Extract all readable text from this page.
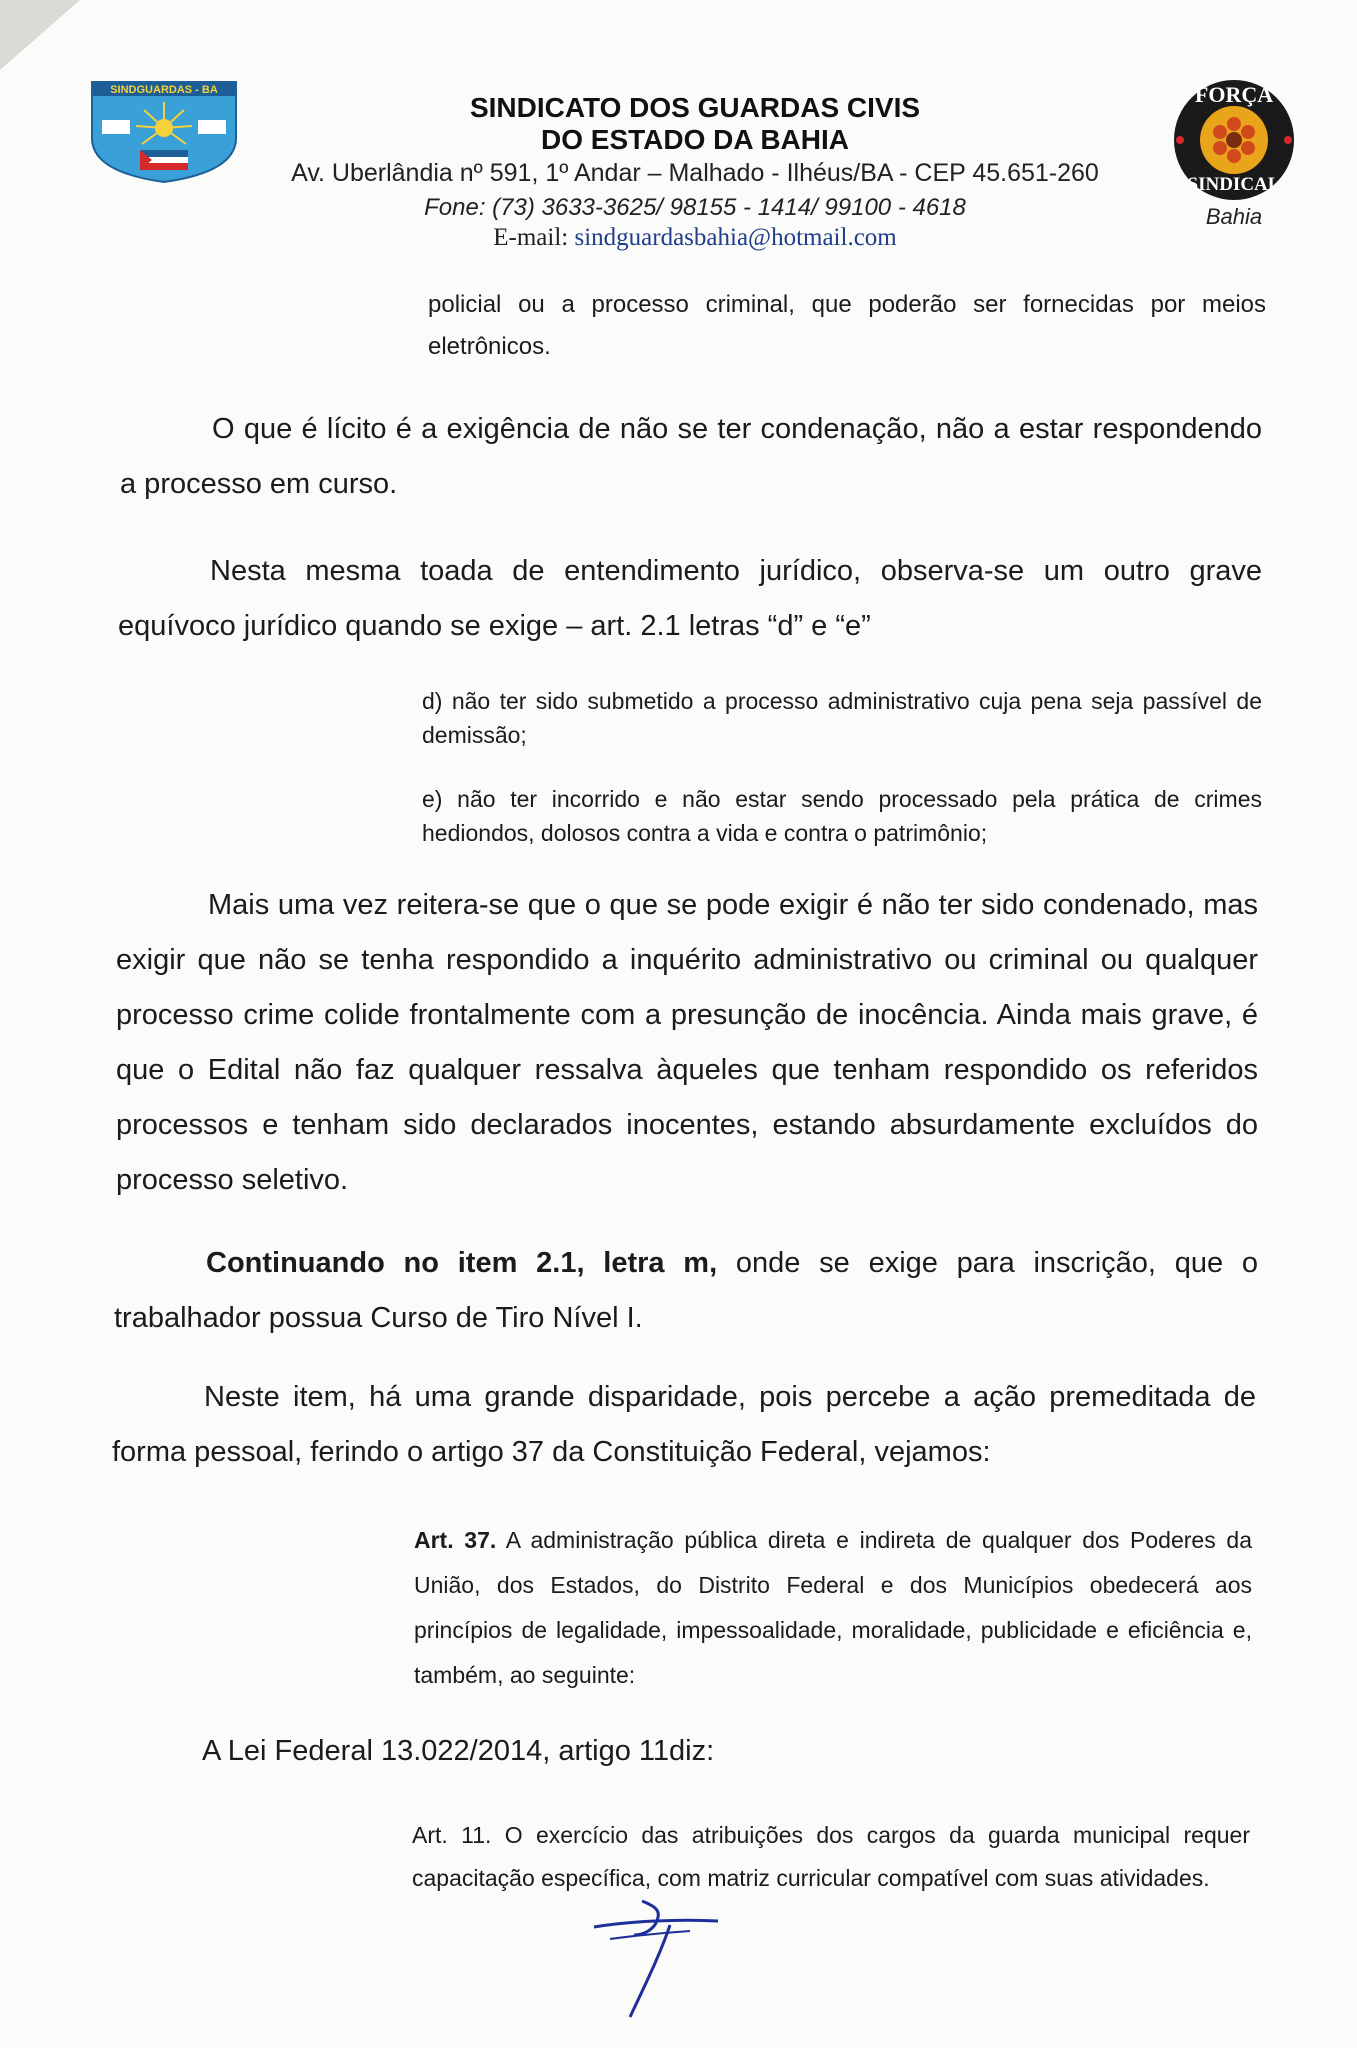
SINDGUARDAS - BA
SINDICATO DOS GUARDAS CIVIS
DO ESTADO DA BAHIA
Av. Uberlândia nº 591, 1º Andar – Malhado - Ilhéus/BA - CEP 45.651-260
Fone: (73) 3633-3625/ 98155 - 1414/ 99100 - 4618
E-mail: sindguardasbahia@hotmail.com
FORÇA
SINDICAL
Bahia
policial ou a processo criminal, que poderão ser fornecidas por meios eletrônicos.
O que é lícito é a exigência de não se ter condenação, não a estar respondendo a processo em curso.
Nesta mesma toada de entendimento jurídico, observa-se um outro grave equívoco jurídico quando se exige – art. 2.1 letras “d” e “e”
d) não ter sido submetido a processo administrativo cuja pena seja passível de demissão;
e) não ter incorrido e não estar sendo processado pela prática de crimes hediondos, dolosos contra a vida e contra o patrimônio;
Mais uma vez reitera-se que o que se pode exigir é não ter sido condenado, mas exigir que não se tenha respondido a inquérito administrativo ou criminal ou qualquer processo crime colide frontalmente com a presunção de inocência. Ainda mais grave, é que o Edital não faz qualquer ressalva àqueles que tenham respondido os referidos processos e tenham sido declarados inocentes, estando absurdamente excluídos do processo seletivo.
Continuando no item 2.1, letra m, onde se exige para inscrição, que o trabalhador possua Curso de Tiro Nível I.
Neste item, há uma grande disparidade, pois percebe a ação premeditada de forma pessoal, ferindo o artigo 37 da Constituição Federal, vejamos:
Art. 37. A administração pública direta e indireta de qualquer dos Poderes da União, dos Estados, do Distrito Federal e dos Municípios obedecerá aos princípios de legalidade, impessoalidade, moralidade, publicidade e eficiência e, também, ao seguinte:
A Lei Federal 13.022/2014, artigo 11diz:
Art. 11. O exercício das atribuições dos cargos da guarda municipal requer capacitação específica, com matriz curricular compatível com suas atividades.
